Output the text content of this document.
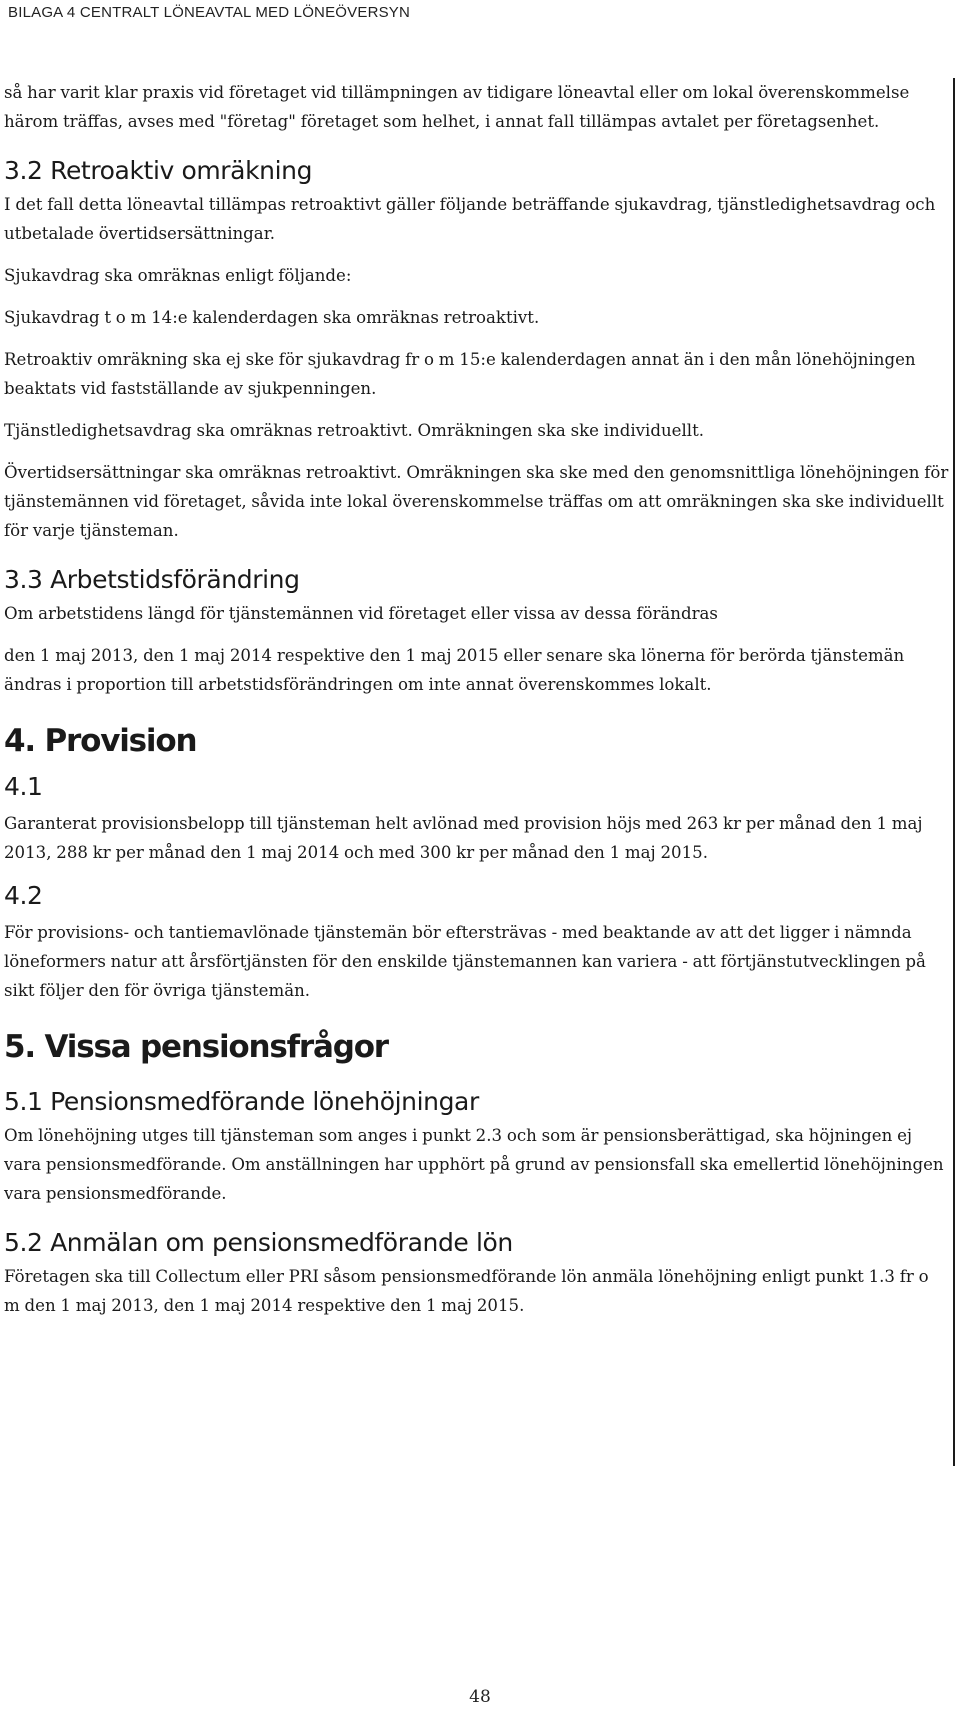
BILAGA 4 CENTRALT LÖNEAVTAL MED LÖNEÖVERSYN

så har varit klar praxis vid företaget vid tillämpningen av tidigare löneavtal eller om lokal överenskommelse härom träffas, avses med "företag" företaget som helhet, i annat fall tillämpas avtalet per företagsenhet.

3.2 Retroaktiv omräkning

I det fall detta löneavtal tillämpas retroaktivt gäller följande beträffande sjukavdrag, tjänstledighetsavdrag och utbetalade övertidsersättningar.

Sjukavdrag ska omräknas enligt följande:

Sjukavdrag t o m 14:e kalenderdagen ska omräknas retroaktivt.

Retroaktiv omräkning ska ej ske för sjukavdrag fr o m 15:e kalenderdagen annat än i den mån lönehöjningen beaktats vid fastställande av sjukpenningen.

Tjänstledighetsavdrag ska omräknas retroaktivt. Omräkningen ska ske individuellt.

Övertidsersättningar ska omräknas retroaktivt. Omräkningen ska ske med den genomsnittliga lönehöjningen för tjänstemännen vid företaget, såvida inte lokal överenskommelse träffas om att omräkningen ska ske individuellt för varje tjänsteman.

3.3 Arbetstidsförändring

Om arbetstidens längd för tjänstemännen vid företaget eller vissa av dessa förändras

den 1 maj 2013, den 1 maj 2014 respektive den 1 maj 2015 eller senare ska lönerna för berörda tjänstemän ändras i proportion till arbetstidsförändringen om inte annat överenskommes lokalt.

4. Provision
4.1

Garanterat provisionsbelopp till tjänsteman helt avlönad med provision höjs med 263 kr per månad den 1 maj 2013, 288 kr per månad den 1 maj 2014 och med 300 kr per månad den 1 maj 2015.

4.2

För provisions- och tantiemavlönade tjänstemän bör eftersträvas - med beaktande av att det ligger i nämnda löneformers natur att årsförtjänsten för den enskilde tjänstemannen kan variera - att förtjänstutvecklingen på sikt följer den för övriga tjänstemän.

5. Vissa pensionsfrågor
5.1 Pensionsmedförande lönehöjningar

Om lönehöjning utges till tjänsteman som anges i punkt 2.3 och som är pensionsberättigad, ska höjningen ej vara pensionsmedförande. Om anställningen har upphört på grund av pensionsfall ska emellertid lönehöjningen vara pensionsmedförande.

5.2 Anmälan om pensionsmedförande lön

Företagen ska till Collectum eller PRI såsom pensionsmedförande lön anmäla lönehöjning enligt punkt 1.3 fr o m den 1 maj 2013, den 1 maj 2014 respektive den 1 maj 2015.

48
